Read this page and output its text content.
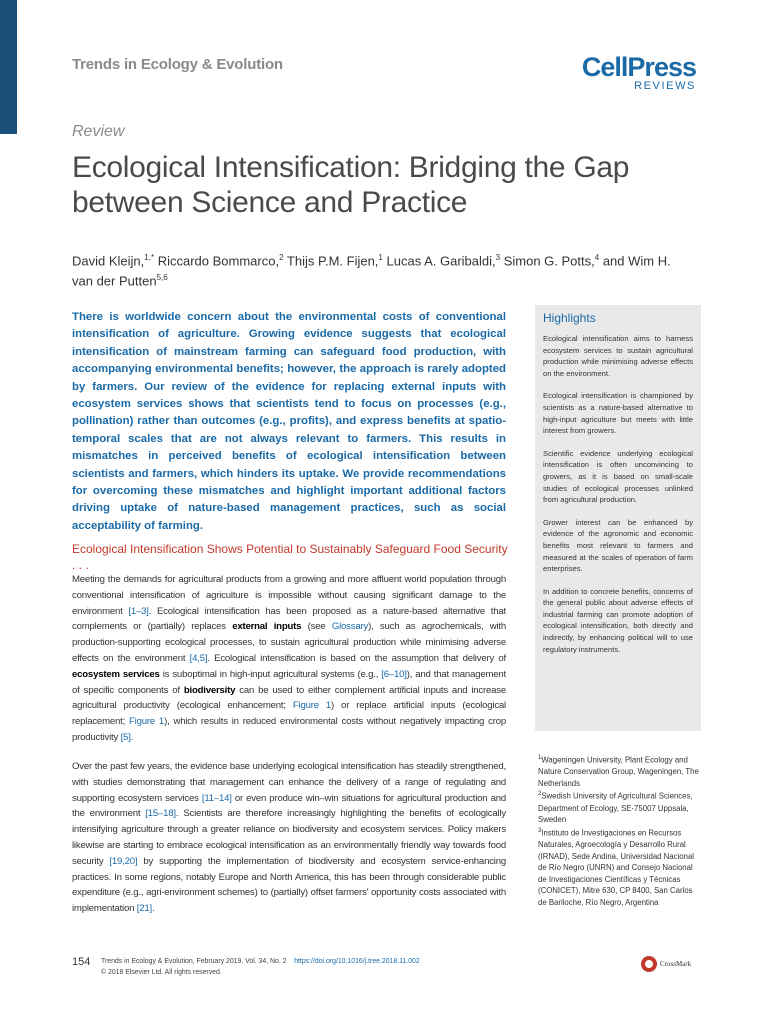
Trends in Ecology & Evolution	CellPress
REVIEWS
Review
Ecological Intensification: Bridging the Gap between Science and Practice
David Kleijn,$^{1,*}$ Riccardo Bommarco,$^2$ Thijs P.M. Fijen,$^1$ Lucas A. Garibaldi,$^3$ Simon G. Potts,$^4$ and Wim H. van der Putten$^{5,6}$
There is worldwide concern about the environmental costs of conventional intensification of agriculture. Growing evidence suggests that ecological intensification of mainstream farming can safeguard food production, with accompanying environmental benefits; however, the approach is rarely adopted by farmers. Our review of the evidence for replacing external inputs with ecosystem services shows that scientists tend to focus on processes (e.g., pollination) rather than outcomes (e.g., profits), and express benefits at spatio-temporal scales that are not always relevant to farmers. This results in mismatches in perceived benefits of ecological intensification between scientists and farmers, which hinders its uptake. We provide recommendations for overcoming these mismatches and highlight important additional factors driving uptake of nature-based management practices, such as social acceptability of farming.
Highlights
Ecological intensification aims to harness ecosystem services to sustain agricultural production while minimising adverse effects on the environment.
Ecological intensification is championed by scientists as a nature-based alternative to high-input agriculture but meets with little interest from growers.
Scientific evidence underlying ecological intensification is often unconvincing to growers, as it is based on small-scale studies of ecological processes unlinked from agricultural production.
Grower interest can be enhanced by evidence of the agronomic and economic benefits most relevant to farmers and measured at the scales of operation of farm enterprises.
In addition to concrete benefits, concerns of the general public about adverse effects of industrial farming can promote adoption of ecological intensification, both directly and indirectly, by enhancing political will to use regulatory instruments.
Ecological Intensification Shows Potential to Sustainably Safeguard Food Security . . .
Meeting the demands for agricultural products from a growing and more affluent world population through conventional intensification of agriculture is impossible without causing significant damage to the environment [1–3]. Ecological intensification has been proposed as a nature-based alternative that complements or (partially) replaces external inputs (see Glossary), such as agrochemicals, with production-supporting ecological processes, to sustain agricultural production while minimising adverse effects on the environment [4,5]. Ecological intensification is based on the assumption that delivery of ecosystem services is suboptimal in high-input agricultural systems (e.g., [6–10]), and that management of specific components of biodiversity can be used to either complement artificial inputs and increase agricultural productivity (ecological enhancement; Figure 1) or replace artificial inputs (ecological replacement; Figure 1), which results in reduced environmental costs without negatively impacting crop productivity [5].
Over the past few years, the evidence base underlying ecological intensification has steadily strengthened, with studies demonstrating that management can enhance the delivery of a range of regulating and supporting ecosystem services [11–14] or even produce win–win situations for agricultural production and the environment [15–18]. Scientists are therefore increasingly highlighting the benefits of ecologically intensifying agriculture through a greater reliance on biodiversity and ecosystem services. Policy makers likewise are starting to embrace ecological intensification as an environmentally friendly way towards food security [19,20] by supporting the implementation of biodiversity and ecosystem service-enhancing practices. In some regions, notably Europe and North America, this has been through considerable public expenditure (e.g., agri-environment schemes) to (partially) offset farmers' opportunity costs associated with implementation [21].
$^1$Wageningen University, Plant Ecology and Nature Conservation Group, Wageningen, The Netherlands
$^2$Swedish University of Agricultural Sciences, Department of Ecology, SE-75007 Uppsala, Sweden
$^3$Instituto de Investigaciones en Recursos Naturales, Agroecología y Desarrollo Rural (IRNAD), Sede Andina, Universidad Nacional de Río Negro (UNRN) and Consejo Nacional de Investigaciones Científicas y Técnicas (CONICET), Mitre 630, CP 8400, San Carlos de Bariloche, Río Negro, Argentina
154 Trends in Ecology & Evolution, February 2019, Vol. 34, No. 2 https://doi.org/10.1016/j.tree.2018.11.002
© 2018 Elsevier Ltd. All rights reserved.
CrossMark
